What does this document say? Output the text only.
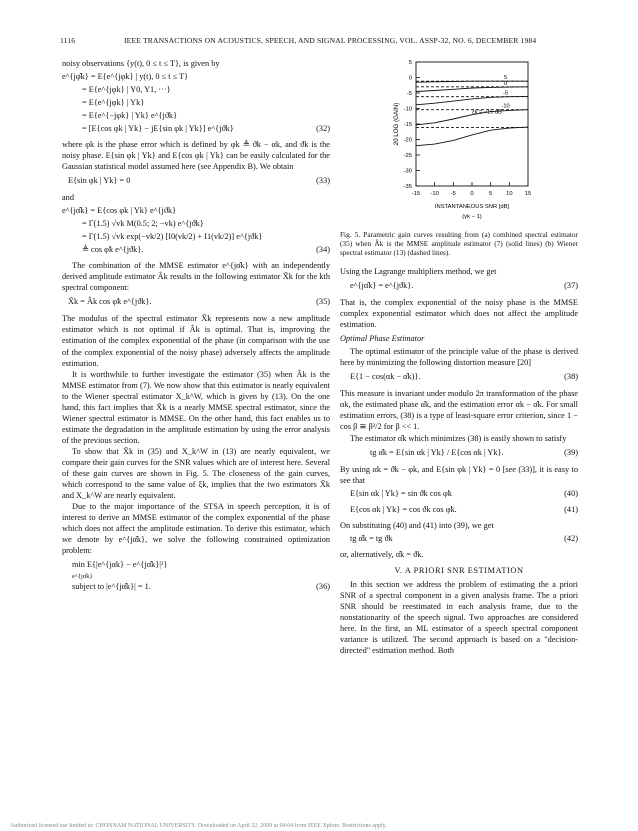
1116	IEEE TRANSACTIONS ON ACOUSTICS, SPEECH, AND SIGNAL PROCESSING, VOL. ASSP-32, NO. 6, DECEMBER 1984

noisy observations {y(t), 0 ≤ t ≤ T}, is given by

e^{jφ̂k} = E{e^{jφk} | y(t), 0 ≤ t ≤ T}
= E{e^{jφk} | Y0, Y1, ···}
= E{e^{jφk} | Yk}
= E{e^{−jφk} | Yk} e^{jϑk}
= [E{cos φk | Yk} − jE{sin φk | Yk}] e^{jϑk}	(32)

where φk is the phase error which is defined by φk ≜ ϑk − αk, and ϑk is the noisy phase. E{sin φk | Yk} and E{cos φk | Yk} can be easily calculated for the Gaussian statistical model assumed here (see Appendix B). We obtain

E{sin φk | Yk} = 0	(33)

and

e^{jα̂k} = E{cos φk | Yk} e^{jϑk}
= Γ(1.5) √vk M(0.5; 2; −vk) e^{jϑk}
= Γ(1.5) √vk exp(−vk/2) [I0(vk/2) + I1(vk/2)] e^{jϑk}
≜ cos φ̃k e^{jϑk}.	(34)

The combination of the MMSE estimator e^{jα̂k} with an independently derived amplitude estimator Âk results in the following estimator X̃k for the kth spectral component:

X̃k = Âk cos φ̃k e^{jϑk}.	(35)

The modulus of the spectral estimator X̃k represents now a new amplitude estimator which is not optimal if Âk is optimal. That is, improving the estimation of the complex exponential of the phase (in comparison with the use of the complex exponential of the noisy phase) adversely affects the amplitude estimation.

It is worthwhile to further investigate the estimator (35) when Âk is the MMSE estimator from (7). We now show that this estimator is nearly equivalent to the Wiener spectral estimator X_k^W, which is given by (13). On the one hand, this fact implies that X̃k is a nearly MMSE spectral estimator, since the Wiener spectral estimator is MMSE. On the other hand, this fact enables us to estimate the degradation in the amplitude estimation by using the error analysis of the previous section.

To show that X̃k in (35) and X_k^W in (13) are nearly equivalent, we compare their gain curves for the SNR values which are of interest here. Several of these gain curves are shown in Fig. 5. The closeness of the gain curves, which correspond to the same value of ξk, implies that the two estimators X̃k and X_k^W are nearly equivalent.

Due to the major importance of the STSA in speech perception, it is of interest to derive an MMSE estimator of the complex exponential of the phase which does not affect the amplitude estimation. To derive this estimator, which we denote by e^{jα̂k}, we solve the following constrained optimization problem:

min E{|e^{jαk} − e^{jα̂k}|²}
e^{jα̂k}
subject to |e^{jα̂k}| = 1.	(36)
5
0
-5
-10
-15
-20
-25
-30
-35
-15 -10 -5 0	5 10 15
5
0
-5
-10
ξk = −15 dB
20 LOG (GAIN)
INSTANTANEOUS SNR [dB]
(γk − 1)

Fig. 5. Parametric gain curves resulting from (a) combined spectral estimator (35) when Âk is the MMSE amplitude estimator (7) (solid lines) (b) Wiener spectral estimator (13) (dashed lines).

Using the Lagrange multipliers method, we get

e^{jα̂k} = e^{jϑk}.	(37)

That is, the complex exponential of the noisy phase is the MMSE complex exponential estimator which does not affect the amplitude estimation.

Optimal Phase Estimator

The optimal estimator of the principle value of the phase is derived here by minimizing the following distortion measure [20]

E{1 − cos(αk − α̂k)}.	(38)

This measure is invariant under modulo 2π transformation of the phase αk, the estimated phase α̂k, and the estimation error αk − α̂k. For small estimation errors, (38) is a type of least-square error criterion, since 1 − cos β ≅ β²/2 for β << 1.

The estimator α̂k which minimizes (38) is easily shown to satisfy

tg α̂k = E{sin αk | Yk} / E{cos αk | Yk}.	(39)

By using αk = ϑk − φk, and E{sin φk | Yk} = 0 [see (33)], it is easy to see that

E{sin αk | Yk} = sin ϑk cos φ̃k	(40)
E{cos αk | Yk} = cos ϑk cos φ̃k.	(41)

On substituting (40) and (41) into (39), we get

tg α̂k = tg ϑk	(42)

or, alternatively, α̂k = ϑk.

V. A PRIORI SNR ESTIMATION

In this section we address the problem of estimating the a priori SNR of a spectral component in a given analysis frame. The a priori SNR should be reestimated in each analysis frame, due to the nonstationarity of the speech signal. Two approaches are considered here. In the first, an ML estimator of a speech spectral component variance is utilized. The second approach is based on a "decision-directed" estimation method. Both

Authorized licensed use limited to: CHONNAM NATIONAL UNIVERSITY. Downloaded on April 22, 2009 at 04:04 from IEEE Xplore. Restrictions apply.
